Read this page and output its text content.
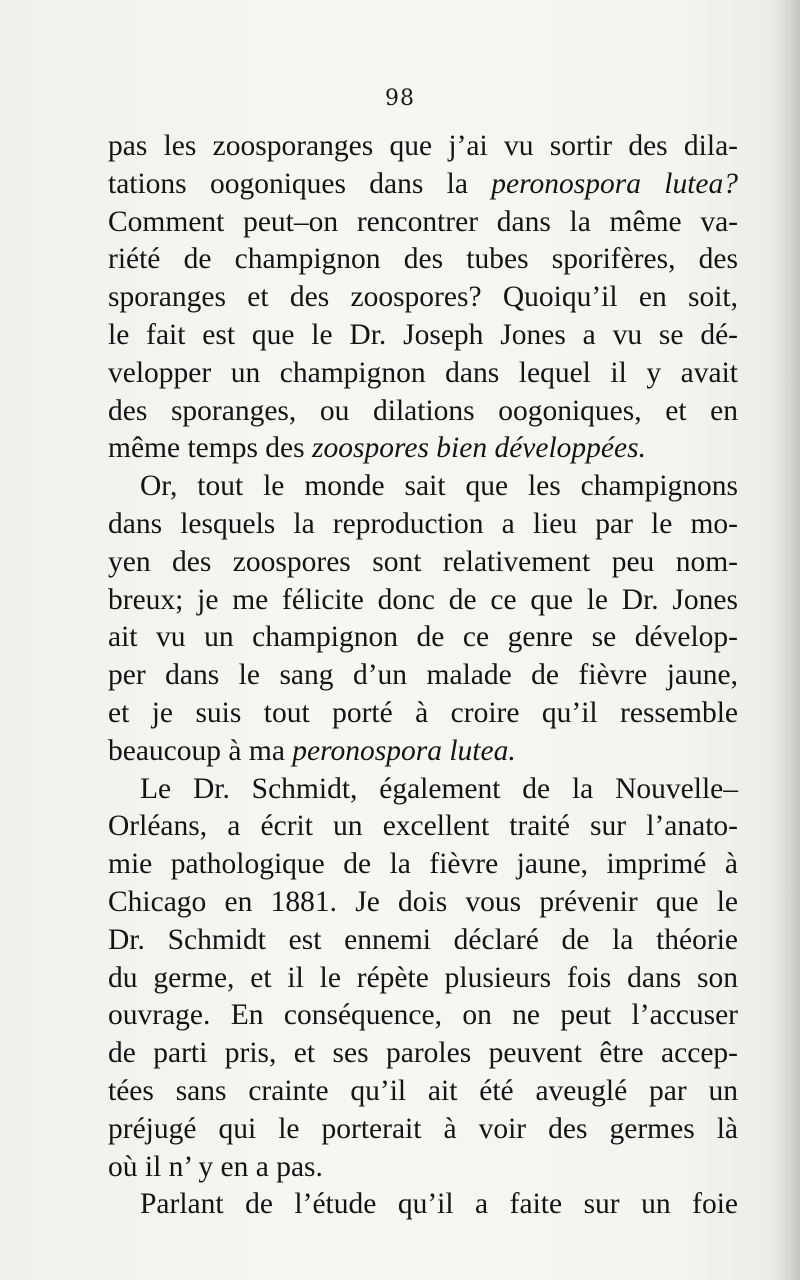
98
pas les zoosporanges que j’ai vu sortir des dila-
tations oogoniques dans la peronospora lutea?
Comment peut–on rencontrer dans la même va-
riété de champignon des tubes sporifères, des
sporanges et des zoospores? Quoiqu’il en soit,
le fait est que le Dr. Joseph Jones a vu se dé-
velopper un champignon dans lequel il y avait
des sporanges, ou dilations oogoniques, et en
même temps des zoospores bien développées.
Or, tout le monde sait que les champignons
dans lesquels la reproduction a lieu par le mo-
yen des zoospores sont relativement peu nom-
breux; je me félicite donc de ce que le Dr. Jones
ait vu un champignon de ce genre se dévelop-
per dans le sang d’un malade de fièvre jaune,
et je suis tout porté à croire qu’il ressemble
beaucoup à ma peronospora lutea.
Le Dr. Schmidt, également de la Nouvelle–
Orléans, a écrit un excellent traité sur l’anato-
mie pathologique de la fièvre jaune, imprimé à
Chicago en 1881. Je dois vous prévenir que le
Dr. Schmidt est ennemi déclaré de la théorie
du germe, et il le répète plusieurs fois dans son
ouvrage. En conséquence, on ne peut l’accuser
de parti pris, et ses paroles peuvent être accep-
tées sans crainte qu’il ait été aveuglé par un
préjugé qui le porterait à voir des germes là
où il n’ y en a pas.
Parlant de l’étude qu’il a faite sur un foie
